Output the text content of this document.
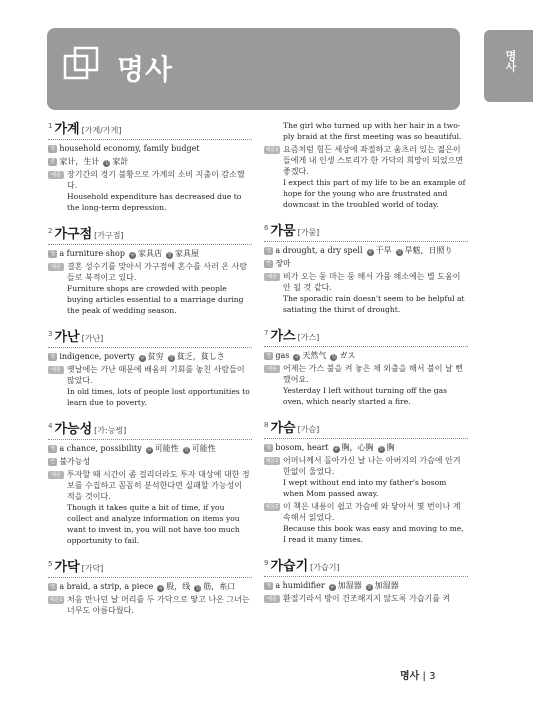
명사	명사
1 가계 [가계/가게]
명 household economy, family budget
중 家计，生计 일 家計
예문 장기간의 경기 불황으로 가계의 소비 지출이 감소했다.
Household expenditure has decreased due to the long-term depression.
2 가구점 [가구점]
명 a furniture shop 중 家具店 일 家具屋
예문 결혼 성수기를 맞아서 가구점에 혼수를 사러 온 사람들로 북적이고 있다.
Furniture shops are crowded with people buying articles essential to a marriage during the peak of wedding season.
3 가난 [가난]
명 indigence, poverty 중 贫穷 일 貧乏，貧しさ
예문 옛날에는 가난 때문에 배움의 기회를 놓친 사람들이 많았다.
In old times, lots of people lost opportunities to learn due to poverty.
4 가능성 [가:능썽]
명 a chance, possibility 중 可能性 일 可能性
반 불가능성
예문 투자할 때 시간이 좀 걸리더라도 투자 대상에 대한 정보를 수집하고 꼼꼼히 분석한다면 실패할 가능성이 적을 것이다.
Though it takes quite a bit of time, if you collect and analyze information on items you want to invest in, you will not have too much opportunity to fail.
5 가닥 [가닥]
명 a braid, a strip, a piece 중 股，线 일 筋，糸口
예문1 처음 만나던 날 머리를 두 가닥으로 땋고 나온 그녀는 너무도 아름다웠다.
The girl who turned up with her hair in a two-ply braid at the first meeting was so beautiful.
예문2 요즘처럼 힘든 세상에 좌절하고 움츠러 있는 젊은이들에게 내 인생 스토리가 한 가닥의 희망이 되었으면 좋겠다.
I expect this part of my life to be an example of hope for the young who are frustrated and downcast in the troubled world of today.
6 가뭄 [가뭄]
명 a drought, a dry spell 중 干旱 일 旱魃，日照り
반 장마
예문 비가 오는 둥 마는 둥 해서 가뭄 해소에는 별 도움이 안 될 것 같다.
The sporadic rain doesn't seem to be helpful at satiating the thirst of drought.
7 가스 [가스]
명 gas 중 天然气 일 ガス
예문 어제는 가스 불을 켜 놓은 채 외출을 해서 불이 날 뻔했어요.
Yesterday I left without turning off the gas oven, which nearly started a fire.
8 가슴 [가슴]
명 bosom, heart 중 胸，心胸 일 胸
예문1 어머니께서 돌아가신 날 나는 아버지의 가슴에 안겨 한없이 울었다.
I wept without end into my father's bosom when Mom passed away.
예문2 이 책은 내용이 쉽고 가슴에 와 닿아서 몇 번이나 계속해서 읽었다.
Because this book was easy and moving to me, I read it many times.
9 가습기 [가습기]
명 a humidifier 중 加湿器 일 加湿器
예문 환절기라서 방이 건조해지지 않도록 가습기를 켜
명사 | 3
